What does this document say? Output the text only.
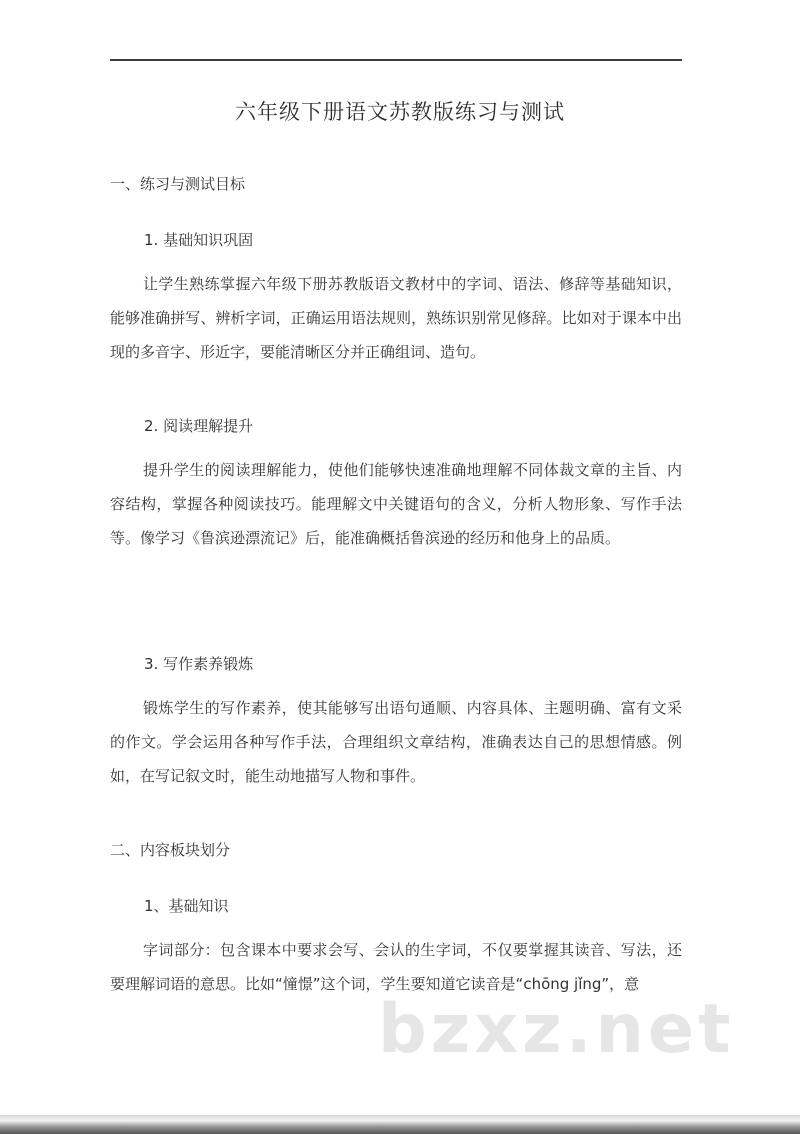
六年级下册语文苏教版练习与测试
一、练习与测试目标
1. 基础知识巩固
让学生熟练掌握六年级下册苏教版语文教材中的字词、语法、修辞等基础知识，能够准确拼写、辨析字词，正确运用语法规则，熟练识别常见修辞。比如对于课本中出现的多音字、形近字，要能清晰区分并正确组词、造句。
2. 阅读理解提升
提升学生的阅读理解能力，使他们能够快速准确地理解不同体裁文章的主旨、内容结构，掌握各种阅读技巧。能理解文中关键语句的含义，分析人物形象、写作手法等。像学习《鲁滨逊漂流记》后，能准确概括鲁滨逊的经历和他身上的品质。
3. 写作素养锻炼
锻炼学生的写作素养，使其能够写出语句通顺、内容具体、主题明确、富有文采的作文。学会运用各种写作手法，合理组织文章结构，准确表达自己的思想情感。例如，在写记叙文时，能生动地描写人物和事件。
二、内容板块划分
1、基础知识
字词部分：包含课本中要求会写、会认的生字词，不仅要掌握其读音、写法，还要理解词语的意思。比如“憧憬”这个词，学生要知道它读音是“chōng jǐng”，意
bzxz.net
